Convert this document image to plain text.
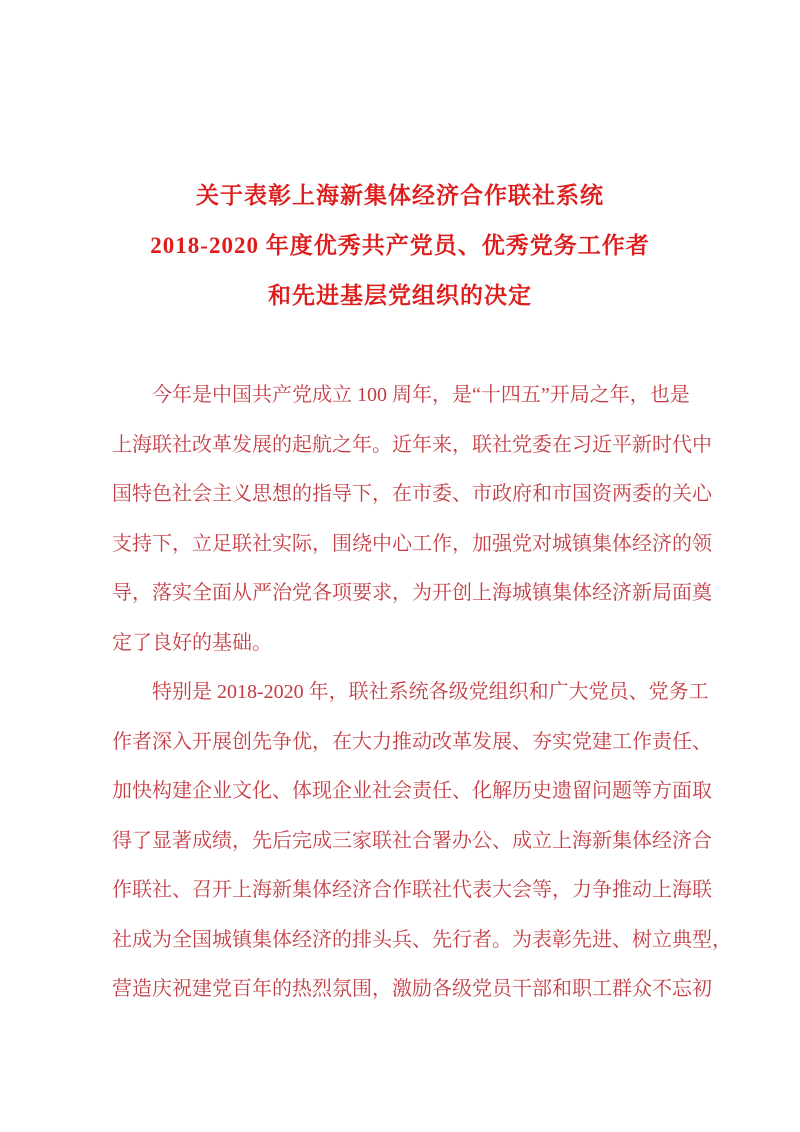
关于表彰上海新集体经济合作联社系统
2018-2020 年度优秀共产党员、优秀党务工作者
和先进基层党组织的决定
今年是中国共产党成立 100 周年，是“十四五”开局之年，也是
上海联社改革发展的起航之年。近年来，联社党委在习近平新时代中
国特色社会主义思想的指导下，在市委、市政府和市国资两委的关心
支持下，立足联社实际，围绕中心工作，加强党对城镇集体经济的领
导，落实全面从严治党各项要求，为开创上海城镇集体经济新局面奠
定了良好的基础。
特别是 2018-2020 年，联社系统各级党组织和广大党员、党务工
作者深入开展创先争优，在大力推动改革发展、夯实党建工作责任、
加快构建企业文化、体现企业社会责任、化解历史遗留问题等方面取
得了显著成绩，先后完成三家联社合署办公、成立上海新集体经济合
作联社、召开上海新集体经济合作联社代表大会等，力争推动上海联
社成为全国城镇集体经济的排头兵、先行者。为表彰先进、树立典型，
营造庆祝建党百年的热烈氛围，激励各级党员干部和职工群众不忘初
